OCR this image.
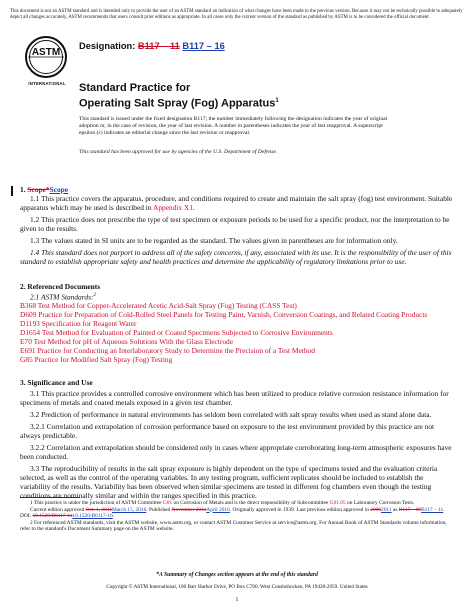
This document is not an ASTM standard and is intended only to provide the user of an ASTM standard an indication of what changes have been made to the previous version. Because it may not be technically possible to adequately depict all changes accurately, ASTM recommends that users consult prior editions as appropriate. In all cases only the current version of the standard as published by ASTM is to be considered the official document.
ASTM
INTERNATIONAL
Designation: B117 – 11 B117 – 16
Standard Practice for
Operating Salt Spray (Fog) Apparatus$^1$
This standard is issued under the fixed designation B117; the number immediately following the designation indicates the year of original adoption or, in the case of revision, the year of last revision. A number in parentheses indicates the year of last reapproval. A superscript epsilon (ε) indicates an editorial change since the last revision or reapproval.
This standard has been approved for use by agencies of the U.S. Department of Defense.
1. Scope*Scope
1.1 This practice covers the apparatus, procedure, and conditions required to create and maintain the salt spray (fog) test environment. Suitable apparatus which may be used is described in Appendix X1.
1.2 This practice does not prescribe the type of test specimen or exposure periods to be used for a specific product, nor the interpretation to be given to the results.
1.3 The values stated in SI units are to be regarded as the standard. The values given in parentheses are for information only.
1.4 This standard does not purport to address all of the safety concerns, if any, associated with its use. It is the responsibility of the user of this standard to establish appropriate safety and health practices and determine the applicability of regulatory limitations prior to use.
2. Referenced Documents
2.1 ASTM Standards:$^2$
B368 Test Method for Copper-Accelerated Acetic Acid-Salt Spray (Fog) Testing (CASS Test)
D609 Practice for Preparation of Cold-Rolled Steel Panels for Testing Paint, Varnish, Conversion Coatings, and Related Coating Products
D1193 Specification for Reagent Water
D1654 Test Method for Evaluation of Painted or Coated Specimens Subjected to Corrosive Environments
E70 Test Method for pH of Aqueous Solutions With the Glass Electrode
E691 Practice for Conducting an Interlaboratory Study to Determine the Precision of a Test Method
G85 Practice for Modified Salt Spray (Fog) Testing
3. Significance and Use
3.1 This practice provides a controlled corrosive environment which has been utilized to produce relative corrosion resistance information for specimens of metals and coated metals exposed in a given test chamber.
3.2 Prediction of performance in natural environments has seldom been correlated with salt spray results when used as stand alone data.
3.2.1 Correlation and extrapolation of corrosion performance based on exposure to the test environment provided by this practice are not always predictable.
3.2.2 Correlation and extrapolation should be considered only in cases where appropriate corroborating long-term atmospheric exposures have been conducted.
3.3 The reproducibility of results in the salt spray exposure is highly dependent on the type of specimens tested and the evaluation criteria selected, as well as the control of the operating variables. In any testing program, sufficient replicates should be included to establish the variability of the results. Variability has been observed when similar specimens are tested in different fog chambers even though the testing conditions are nominally similar and within the ranges specified in this practice.
1 This practice is under the jurisdiction of ASTM Committee G01 on Corrosion of Metals and is the direct responsibility of Subcommittee G01.05 on Laboratory Corrosion Tests.
Current edition approved Oct. 1, 2011March 15, 2016. Published November 2011April 2016. Originally approved in 1939. Last previous edition approved in 20092011 as B117 – 09B117 – 11. DOI: 10.1520/B0117-1110.1520/B0117-16.
2 For referenced ASTM standards, visit the ASTM website, www.astm.org, or contact ASTM Customer Service at service@astm.org. For Annual Book of ASTM Standards volume information, refer to the standard's Document Summary page on the ASTM website.
*A Summary of Changes section appears at the end of this standard
Copyright © ASTM International, 100 Barr Harbor Drive, PO Box C700, West Conshohocken, PA 19428-2959. United States
1
